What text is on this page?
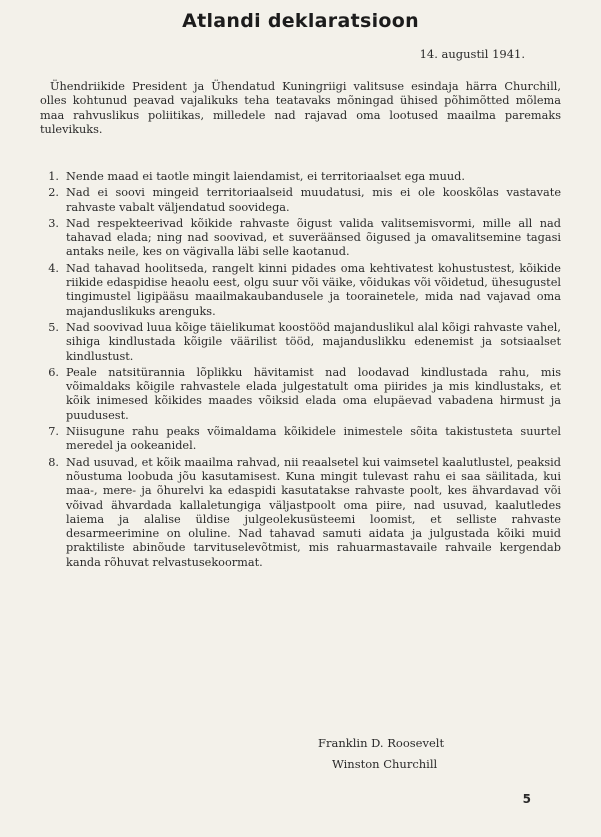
Atlandi deklaratsioon
14. augustil 1941.

Ühendriikide President ja Ühendatud Kuningriigi valitsuse esindaja härra Churchill, olles kohtunud peavad vajalikuks teha teatavaks mõningad ühised põhimõtted mõlema maa rahvuslikus poliitikas, milledele nad rajavad oma lootused maailma paremaks tulevikuks.

1. Nende maad ei taotle mingit laiendamist, ei territoriaalset ega muud.
2. Nad ei soovi mingeid territoriaalseid muudatusi, mis ei ole kooskõlas vastavate rahvaste vabalt väljendatud soovidega.
3. Nad respekteerivad kõikide rahvaste õigust valida valitsemisvormi, mille all nad tahavad elada; ning nad soovivad, et suveräänsed õigused ja omavalitsemine tagasi antaks neile, kes on vägivalla läbi selle kaotanud.
4. Nad tahavad hoolitseda, rangelt kinni pidades oma kehtivatest kohustustest, kõikide riikide edaspidise heaolu eest, olgu suur või väike, võidukas või võidetud, ühesugustel tingimustel ligipääsu maailmakaubandusele ja toorainetele, mida nad vajavad oma majanduslikuks arenguks.
5. Nad soovivad luua kõige täielikumat koostööd majanduslikul alal kõigi rahvaste vahel, sihiga kindlustada kõigile väärilist tööd, majanduslikku edenemist ja sotsiaalset kindlustust.
6. Peale natsitürannia lõplikku hävitamist nad loodavad kindlustada rahu, mis võimaldaks kõigile rahvastele elada julgestatult oma piirides ja mis kindlustaks, et kõik inimesed kõikides maades võiksid elada oma elupäevad vabadena hirmust ja puudusest.
7. Niisugune rahu peaks võimaldama kõikidele inimestele sõita takistusteta suurtel meredel ja ookeanidel.
8. Nad usuvad, et kõik maailma rahvad, nii reaalsetel kui vaimsetel kaalutlustel, peaksid nõustuma loobuda jõu kasutamisest. Kuna mingit tulevast rahu ei saa säilitada, kui maa-, mere- ja õhurelvi ka edaspidi kasutatakse rahvaste poolt, kes ähvardavad või võivad ähvardada kallaletungiga väljastpoolt oma piire, nad usuvad, kaalutledes laiema ja alalise üldise julgeolekusüsteemi loomist, et selliste rahvaste desarmeerimine on oluline. Nad tahavad samuti aidata ja julgustada kõiki muid praktiliste abinõude tarvituselevõtmist, mis rahuarmastavaile rahvaile kergendab kanda rõhuvat relvastusekoormat.
Franklin D. Roosevelt
Winston Churchill
5
